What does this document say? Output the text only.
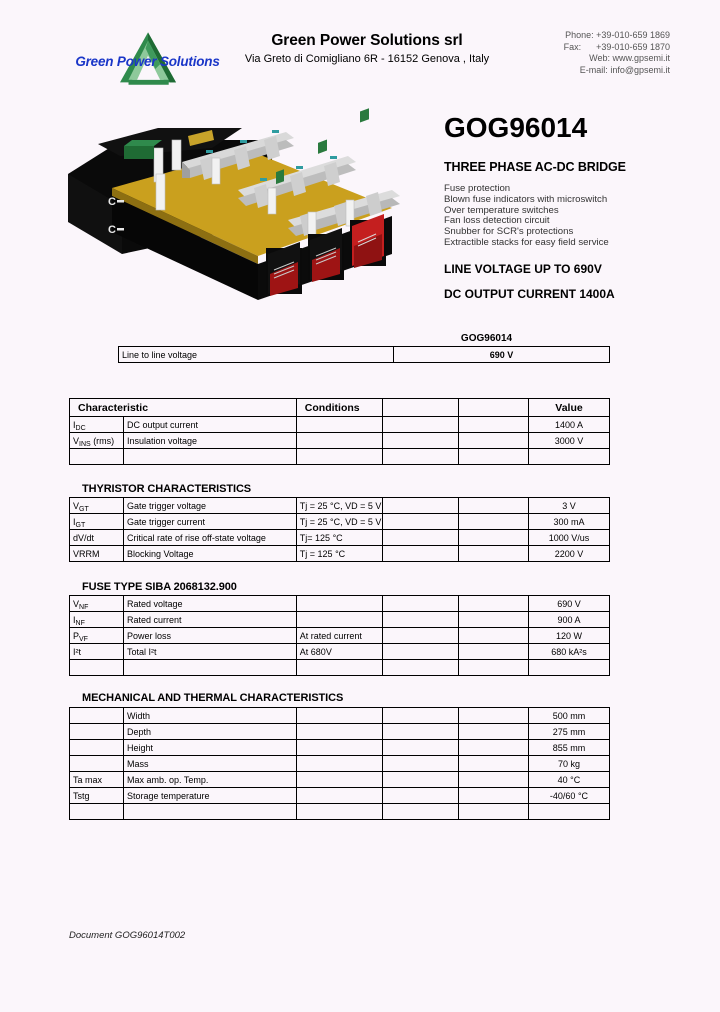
Green Power Solutions
Green Power Solutions srl
Via Greto di Comigliano 6R - 16152 Genova , Italy
Phone: +39-010-659 1869
Fax: +39-010-659 1870
Web: www.gpsemi.it
E-mail: info@gpsemi.it
C
C
GOG96014
THREE PHASE AC-DC BRIDGE
Fuse protection
Blown fuse indicators with microswitch
Over temperature switches
Fan loss detection circuit
Snubber for SCR's protections
Extractible stacks for easy field service
LINE VOLTAGE UP TO 690V
DC OUTPUT CURRENT 1400A
GOG96014
Line to line voltage	690 V
Characteristic		Conditions			Value
$I_{DC}$	DC output current				1400 A
$V_{INS}$ (rms)	Insulation voltage				3000 V

THYRISTOR CHARACTERISTICS
$V_{GT}$	Gate trigger voltage	Tj = 25 °C, VD = 5 V			3 V
$I_{GT}$	Gate trigger current	Tj = 25 °C, VD = 5 V			300 mA
dV/dt	Critical rate of rise off-state voltage	Tj= 125 °C			1000 V/us
VRRM	Blocking Voltage	Tj = 125 °C			2200 V
FUSE TYPE SIBA 2068132.900
$V_{NF}$	Rated voltage				690 V
$I_{NF}$	Rated current				900 A
$P_{VF}$	Power loss	At rated current			120 W
I²t	Total I²t	At 680V			680 kA²s

MECHANICAL AND THERMAL CHARACTERISTICS
	Width				500 mm
	Depth				275 mm
	Height				855 mm
	Mass				70 kg
Ta max	Max amb. op. Temp.				40 °C
Tstg	Storage temperature				-40/60 °C

Document GOG96014T002
